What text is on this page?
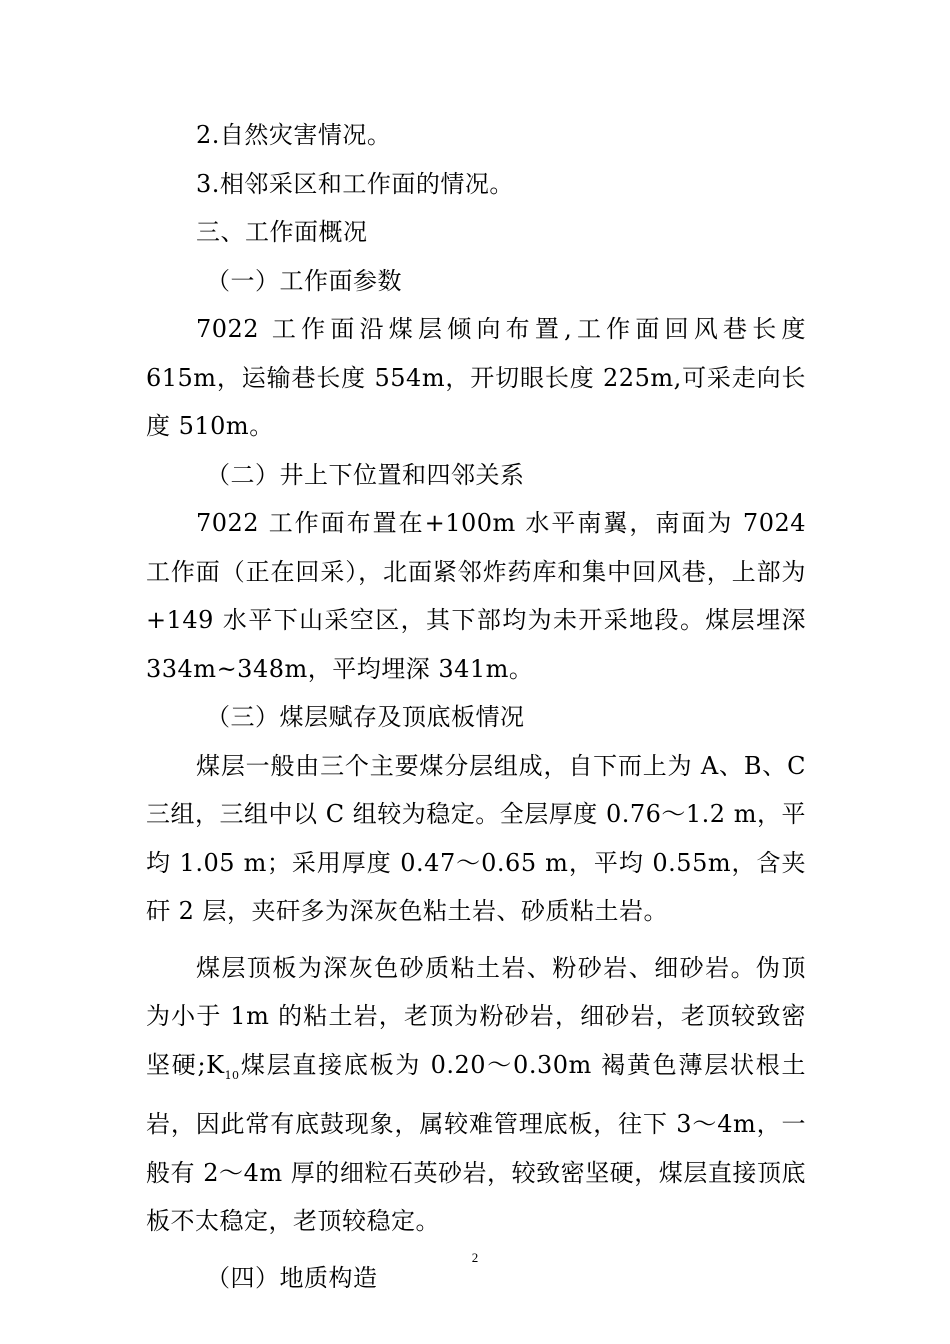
2.自然灾害情况。

3.相邻采区和工作面的情况。

三、工作面概况

（一）工作面参数

7022 工作面沿煤层倾向布置,工作面回风巷长度 615m，运输巷长度 554m，开切眼长度 225m,可采走向长度 510m。

（二）井上下位置和四邻关系

7022 工作面布置在+100m 水平南翼，南面为 7024 工作面（正在回采），北面紧邻炸药库和集中回风巷，上部为+149 水平下山采空区，其下部均为未开采地段。煤层埋深 334m~348m，平均埋深 341m。

（三）煤层赋存及顶底板情况

煤层一般由三个主要煤分层组成，自下而上为 A、B、C 三组，三组中以 C 组较为稳定。全层厚度 0.76～1.2 m，平均 1.05 m；采用厚度 0.47～0.65 m，平均 0.55m，含夹矸 2 层，夹矸多为深灰色粘土岩、砂质粘土岩。

煤层顶板为深灰色砂质粘土岩、粉砂岩、细砂岩。伪顶为小于 1m 的粘土岩，老顶为粉砂岩，细砂岩，老顶较致密坚硬$;K_{10}$煤层直接底板为 0.20～0.30m 褐黄色薄层状根土岩，因此常有底鼓现象，属较难管理底板，往下 3～4m，一般有 2～4m 厚的细粒石英砂岩，较致密坚硬，煤层直接顶底板不太稳定，老顶较稳定。

（四）地质构造

2
